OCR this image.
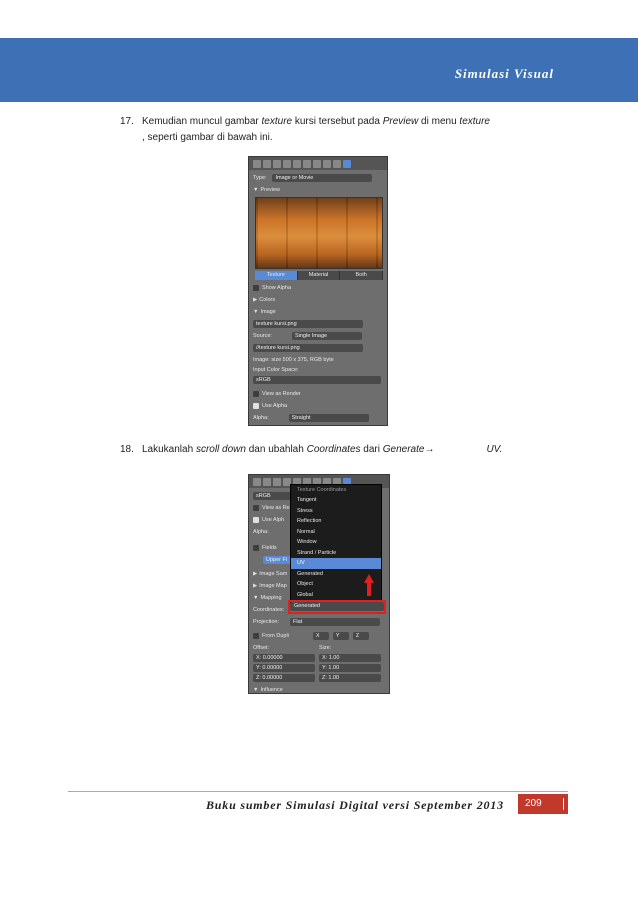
Simulasi Visual

17. Kemudian muncul gambar texture kursi tersebut pada Preview di menu texture
, seperti gambar di bawah ini.

Type:	Image or Movie
▼ Preview
Texture	Material	Both
Show Alpha
▶ Colors
▼ Image
texture kursi.png
Source:	Single Image
//texture kursi.png
Image: size 500 x 375, RGB byte
Input Color Space:
sRGB
View as Render
Use Alpha
Alpha:	Straight

18. Lakukanlah scroll down dan ubahlah Coordinates dari Generate→	UV.

sRGB
View as Re
Use Alph
Alpha:
Fields
Upper Fi
▶ Image Sam
▶ Image Map
▼ Mapping
Coordinates:
Projection:	Flat
From Dupli	X	Y	Z
Offset:	Size:
X: 0.00000	X: 1.00
Y: 0.00000	Y: 1.00
Z: 0.00000	Z: 1.00
▼ Influence
Texture Coordinates
Tangent
Stress
Reflection
Normal
Window
Strand / Particle
UV
Generated
Object
Global
Generated
Buku sumber Simulasi Digital versi September 2013	209
